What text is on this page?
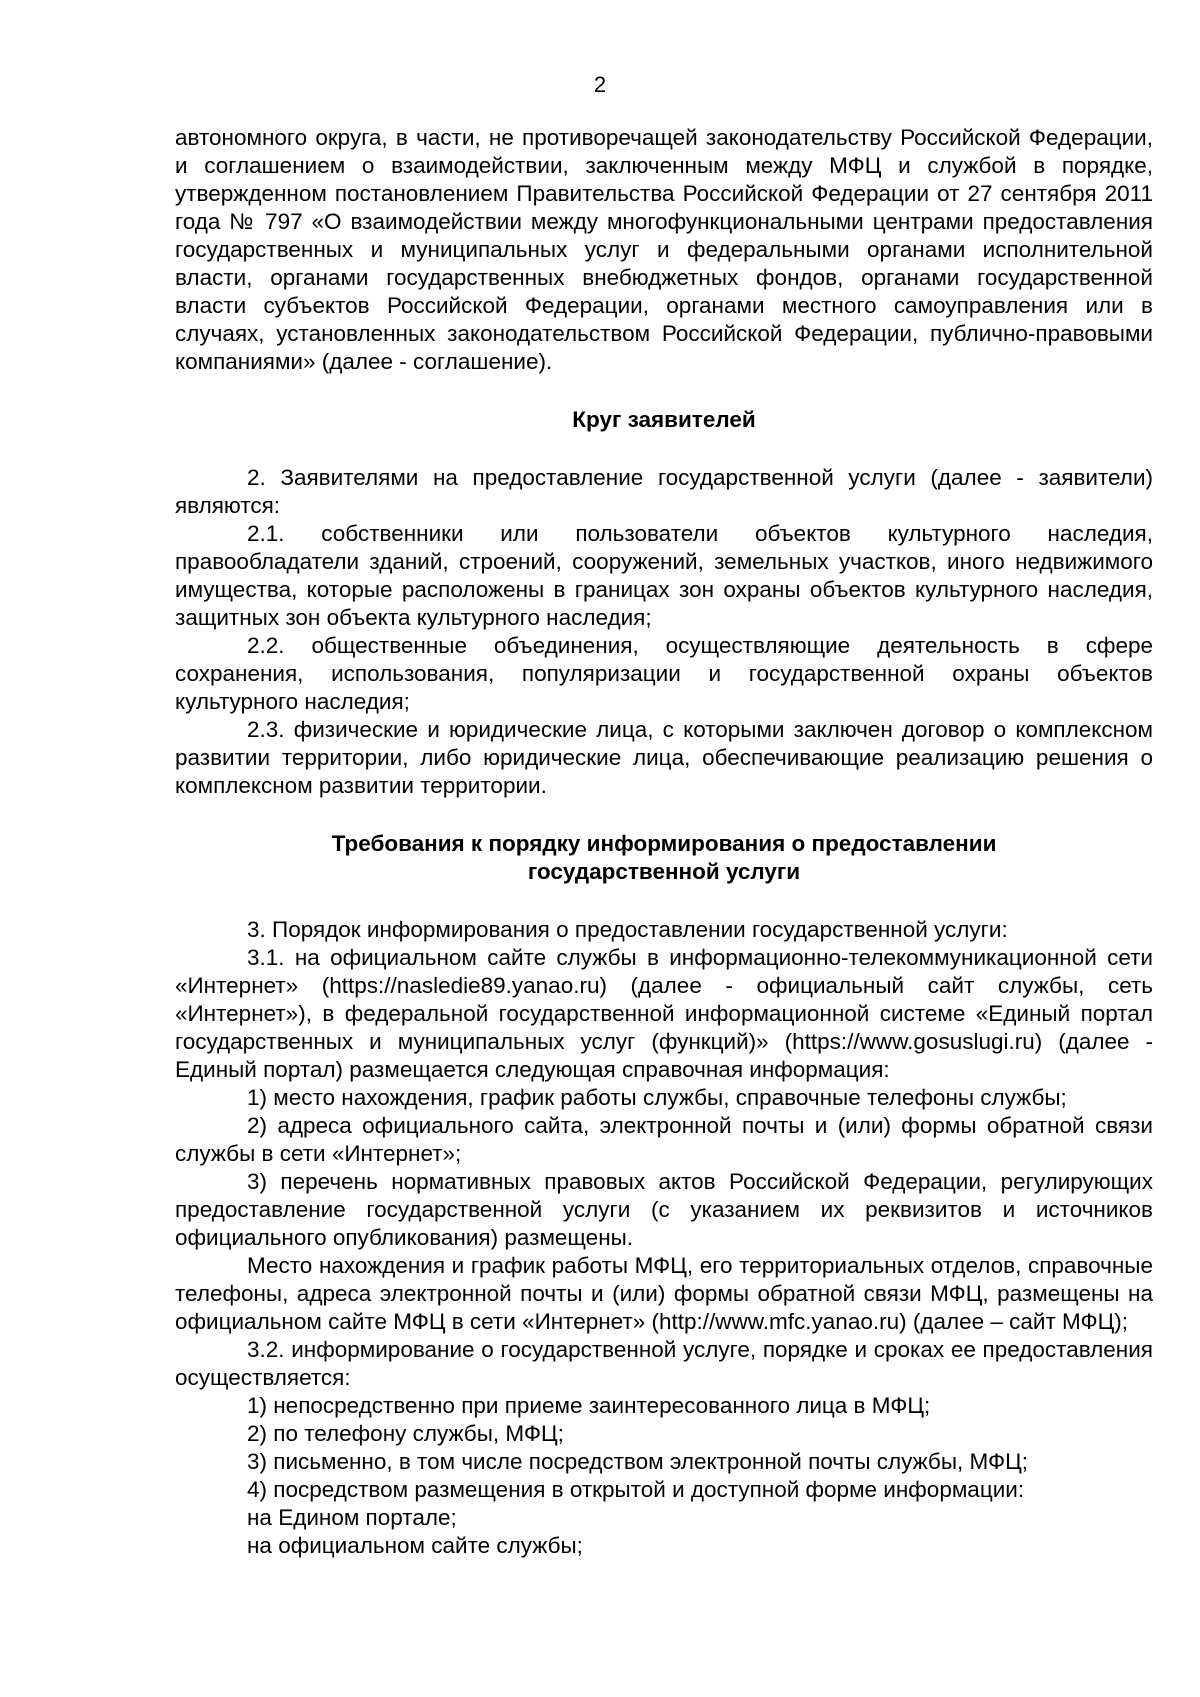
2

автономного округа, в части, не противоречащей законодательству Российской Федерации, и соглашением о взаимодействии, заключенным между МФЦ и службой в порядке, утвержденном постановлением Правительства Российской Федерации от 27 сентября 2011 года № 797 «О взаимодействии между многофункциональными центрами предоставления государственных и муниципальных услуг и федеральными органами исполнительной власти, органами государственных внебюджетных фондов, органами государственной власти субъектов Российской Федерации, органами местного самоуправления или в случаях, установленных законодательством Российской Федерации, публично-правовыми компаниями» (далее - соглашение).

Круг заявителей

2. Заявителями на предоставление государственной услуги (далее - заявители) являются:

2.1. собственники или пользователи объектов культурного наследия, правообладатели зданий, строений, сооружений, земельных участков, иного недвижимого имущества, которые расположены в границах зон охраны объектов культурного наследия, защитных зон объекта культурного наследия;

2.2. общественные объединения, осуществляющие деятельность в сфере сохранения, использования, популяризации и государственной охраны объектов культурного наследия;

2.3. физические и юридические лица, с которыми заключен договор о комплексном развитии территории, либо юридические лица, обеспечивающие реализацию решения о комплексном развитии территории.

Требования к порядку информирования о предоставлении

государственной услуги

3. Порядок информирования о предоставлении государственной услуги:

3.1. на официальном сайте службы в информационно-телекоммуникационной сети «Интернет» (https://nasledie89.yanao.ru) (далее - официальный сайт службы, сеть «Интернет»), в федеральной государственной информационной системе «Единый портал государственных и муниципальных услуг (функций)» (https://www.gosuslugi.ru) (далее - Единый портал) размещается следующая справочная информация:

1) место нахождения, график работы службы, справочные телефоны службы;

2) адреса официального сайта, электронной почты и (или) формы обратной связи службы в сети «Интернет»;

3) перечень нормативных правовых актов Российской Федерации, регулирующих предоставление государственной услуги (с указанием их реквизитов и источников официального опубликования) размещены.

Место нахождения и график работы МФЦ, его территориальных отделов, справочные телефоны, адреса электронной почты и (или) формы обратной связи МФЦ, размещены на официальном сайте МФЦ в сети «Интернет» (http://www.mfc.yanao.ru) (далее – сайт МФЦ);

3.2. информирование о государственной услуге, порядке и сроках ее предоставления осуществляется:

1) непосредственно при приеме заинтересованного лица в МФЦ;

2) по телефону службы, МФЦ;

3) письменно, в том числе посредством электронной почты службы, МФЦ;

4) посредством размещения в открытой и доступной форме информации:

на Едином портале;

на официальном сайте службы;
